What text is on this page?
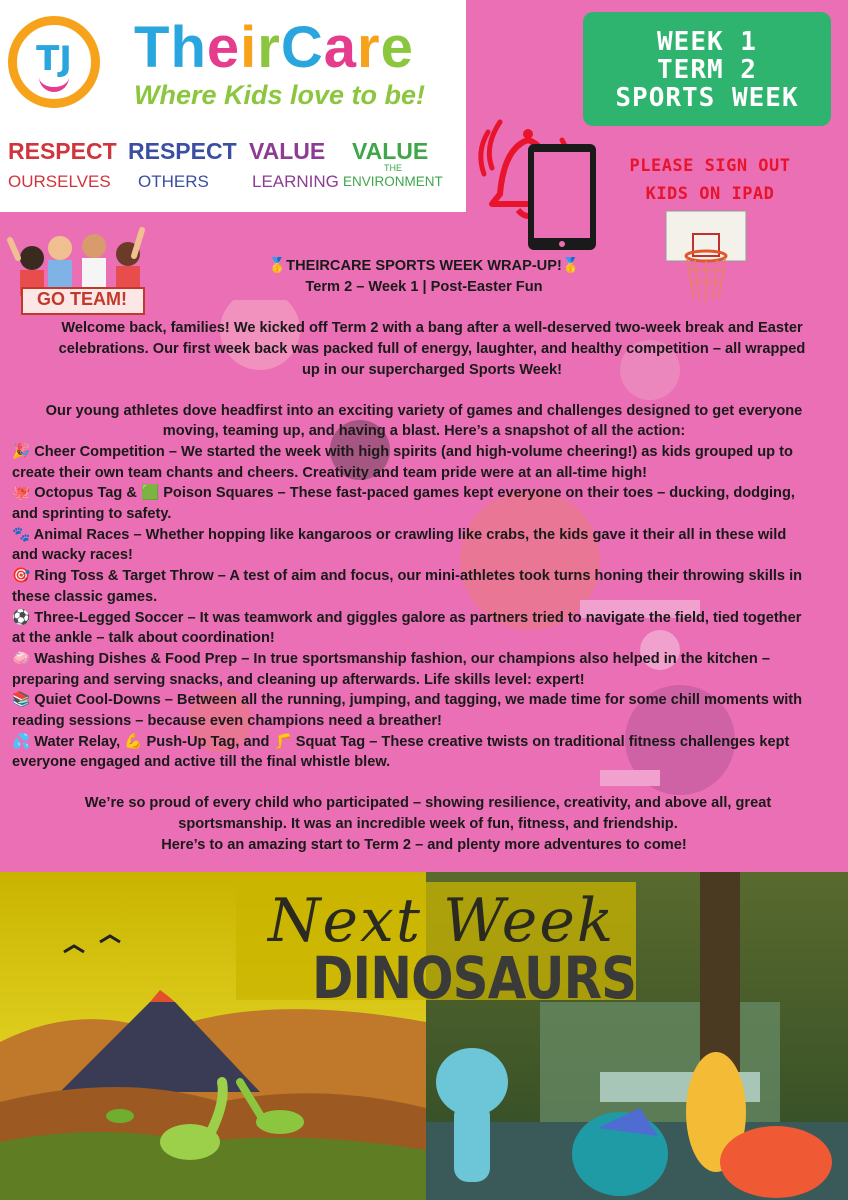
TJ	TheirCare
Where Kids love to be!
RESPECT
OURSELVES
RESPECT
OTHERS
VALUE
LEARNING
VALUE
THE
ENVIRONMENT
WEEK 1
TERM 2
SPORTS WEEK
PLEASE SIGN OUT
KIDS ON IPAD
GO TEAM!

🥇THEIRCARE SPORTS WEEK WRAP-UP!🥇

Term 2 – Week 1 | Post-Easter Fun

Welcome back, families! We kicked off Term 2 with a bang after a well-deserved two-week break and Easter celebrations. Our first week back was packed full of energy, laughter, and healthy competition – all wrapped up in our supercharged Sports Week!

Our young athletes dove headfirst into an exciting variety of games and challenges designed to get everyone moving, teaming up, and having a blast. Here’s a snapshot of all the action:

🎉 Cheer Competition – We started the week with high spirits (and high-volume cheering!) as kids grouped up to create their own team chants and cheers. Creativity and team pride were at an all-time high!

🐙 Octopus Tag & 🟩 Poison Squares – These fast-paced games kept everyone on their toes – ducking, dodging, and sprinting to safety.

🐾 Animal Races – Whether hopping like kangaroos or crawling like crabs, the kids gave it their all in these wild and wacky races!

🎯 Ring Toss & Target Throw – A test of aim and focus, our mini-athletes took turns honing their throwing skills in these classic games.

⚽ Three-Legged Soccer – It was teamwork and giggles galore as partners tried to navigate the field, tied together at the ankle – talk about coordination!

🧼 Washing Dishes & Food Prep – In true sportsmanship fashion, our champions also helped in the kitchen – preparing and serving snacks, and cleaning up afterwards. Life skills level: expert!

📚 Quiet Cool-Downs – Between all the running, jumping, and tagging, we made time for some chill moments with reading sessions – because even champions need a breather!

💦 Water Relay, 💪 Push-Up Tag, and 🦵 Squat Tag – These creative twists on traditional fitness challenges kept everyone engaged and active till the final whistle blew.

We’re so proud of every child who participated – showing resilience, creativity, and above all, great sportsmanship. It was an incredible week of fun, fitness, and friendship.

Here’s to an amazing start to Term 2 – and plenty more adventures to come!

Next Week
DINOSAURS
